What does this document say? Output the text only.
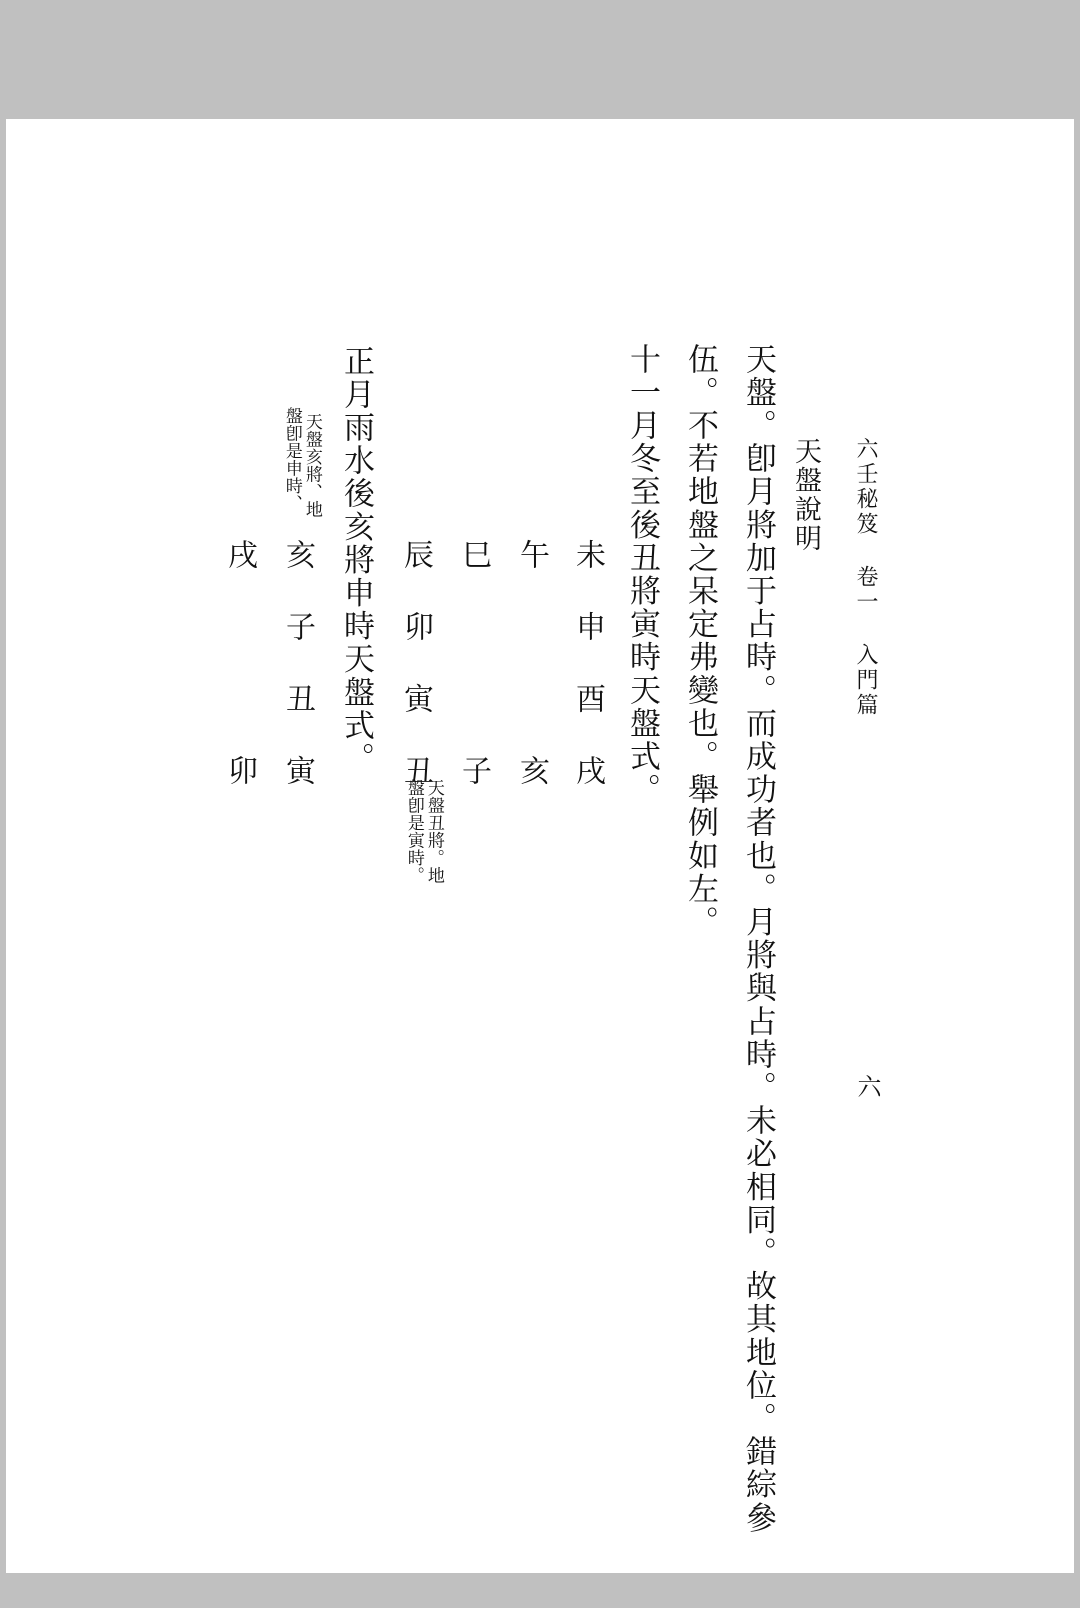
六壬秘笈 卷一 入門篇
六
天盤說明
天盤。卽月將加于占時。而成功者也。月將與占時。未必相同。故其地位。錯綜參
伍。不若地盤之呆定弗變也。舉例如左。
十一月冬至後丑將寅時天盤式。
未
申
酉
戌
午
亥
巳
子
辰
卯
寅
丑
天盤丑將。地
盤卽是寅時。
正月雨水後亥將申時天盤式。
天盤亥將、地
盤卽是申時、
亥
子
丑
寅
戌
卯
